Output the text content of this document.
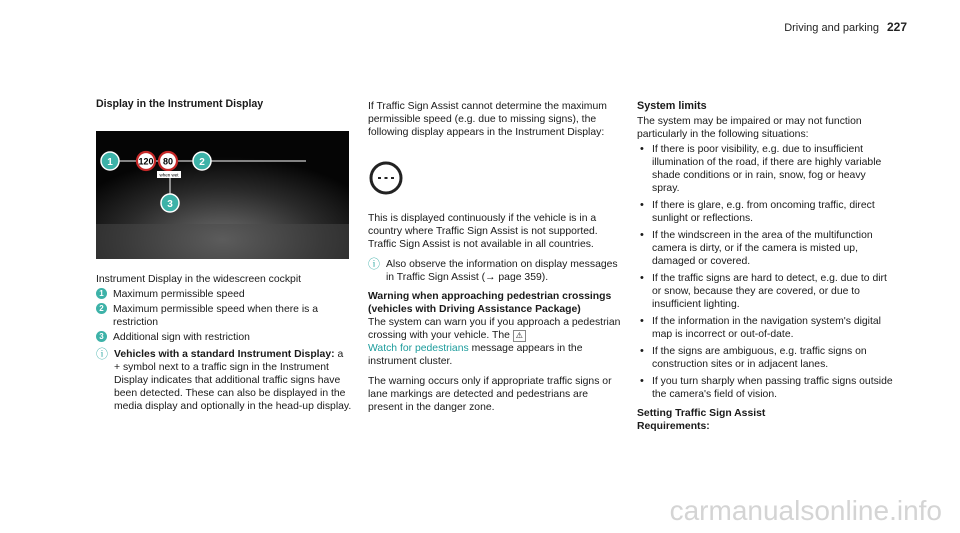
Driving and parking 227
Display in the Instrument Display
120 80
when wet
1	2
3

Instrument Display in the widescreen cockpit

1 Maximum permissible speed
2 Maximum permissible speed when there is a restriction
3 Additional sign with restriction
ⓘ Vehicles with a standard Instrument Display: a + symbol next to a traffic sign in the Instrument Display indicates that additional traffic signs have been detected. These can also be displayed in the media display and optionally in the head-up display.

If Traffic Sign Assist cannot determine the maximum permissible speed (e.g. due to missing signs), the following display appears in the Instrument Display:

This is displayed continuously if the vehicle is in a country where Traffic Sign Assist is not supported. Traffic Sign Assist is not available in all countries.

ⓘ Also observe the information on display messages in Traffic Sign Assist (→ page 359).

Warning when approaching pedestrian crossings (vehicles with Driving Assistance Package)

The system can warn you if you approach a pedestrian crossing with your vehicle. The ⚠
Watch for pedestrians message appears in the instrument cluster.

The warning occurs only if appropriate traffic signs or lane markings are detected and pedestrians are present in the danger zone.

System limits

The system may be impaired or may not function particularly in the following situations:

• If there is poor visibility, e.g. due to insufficient illumination of the road, if there are highly variable shade conditions or in rain, snow, fog or heavy spray.
• If there is glare, e.g. from oncoming traffic, direct sunlight or reflections.
• If the windscreen in the area of the multifunction camera is dirty, or if the camera is misted up, damaged or covered.
• If the traffic signs are hard to detect, e.g. due to dirt or snow, because they are covered, or due to insufficient lighting.
• If the information in the navigation system's digital map is incorrect or out-of-date.
• If the signs are ambiguous, e.g. traffic signs on construction sites or in adjacent lanes.
• If you turn sharply when passing traffic signs outside the camera's field of vision.

Setting Traffic Sign Assist

Requirements:

carmanualsonline.info
